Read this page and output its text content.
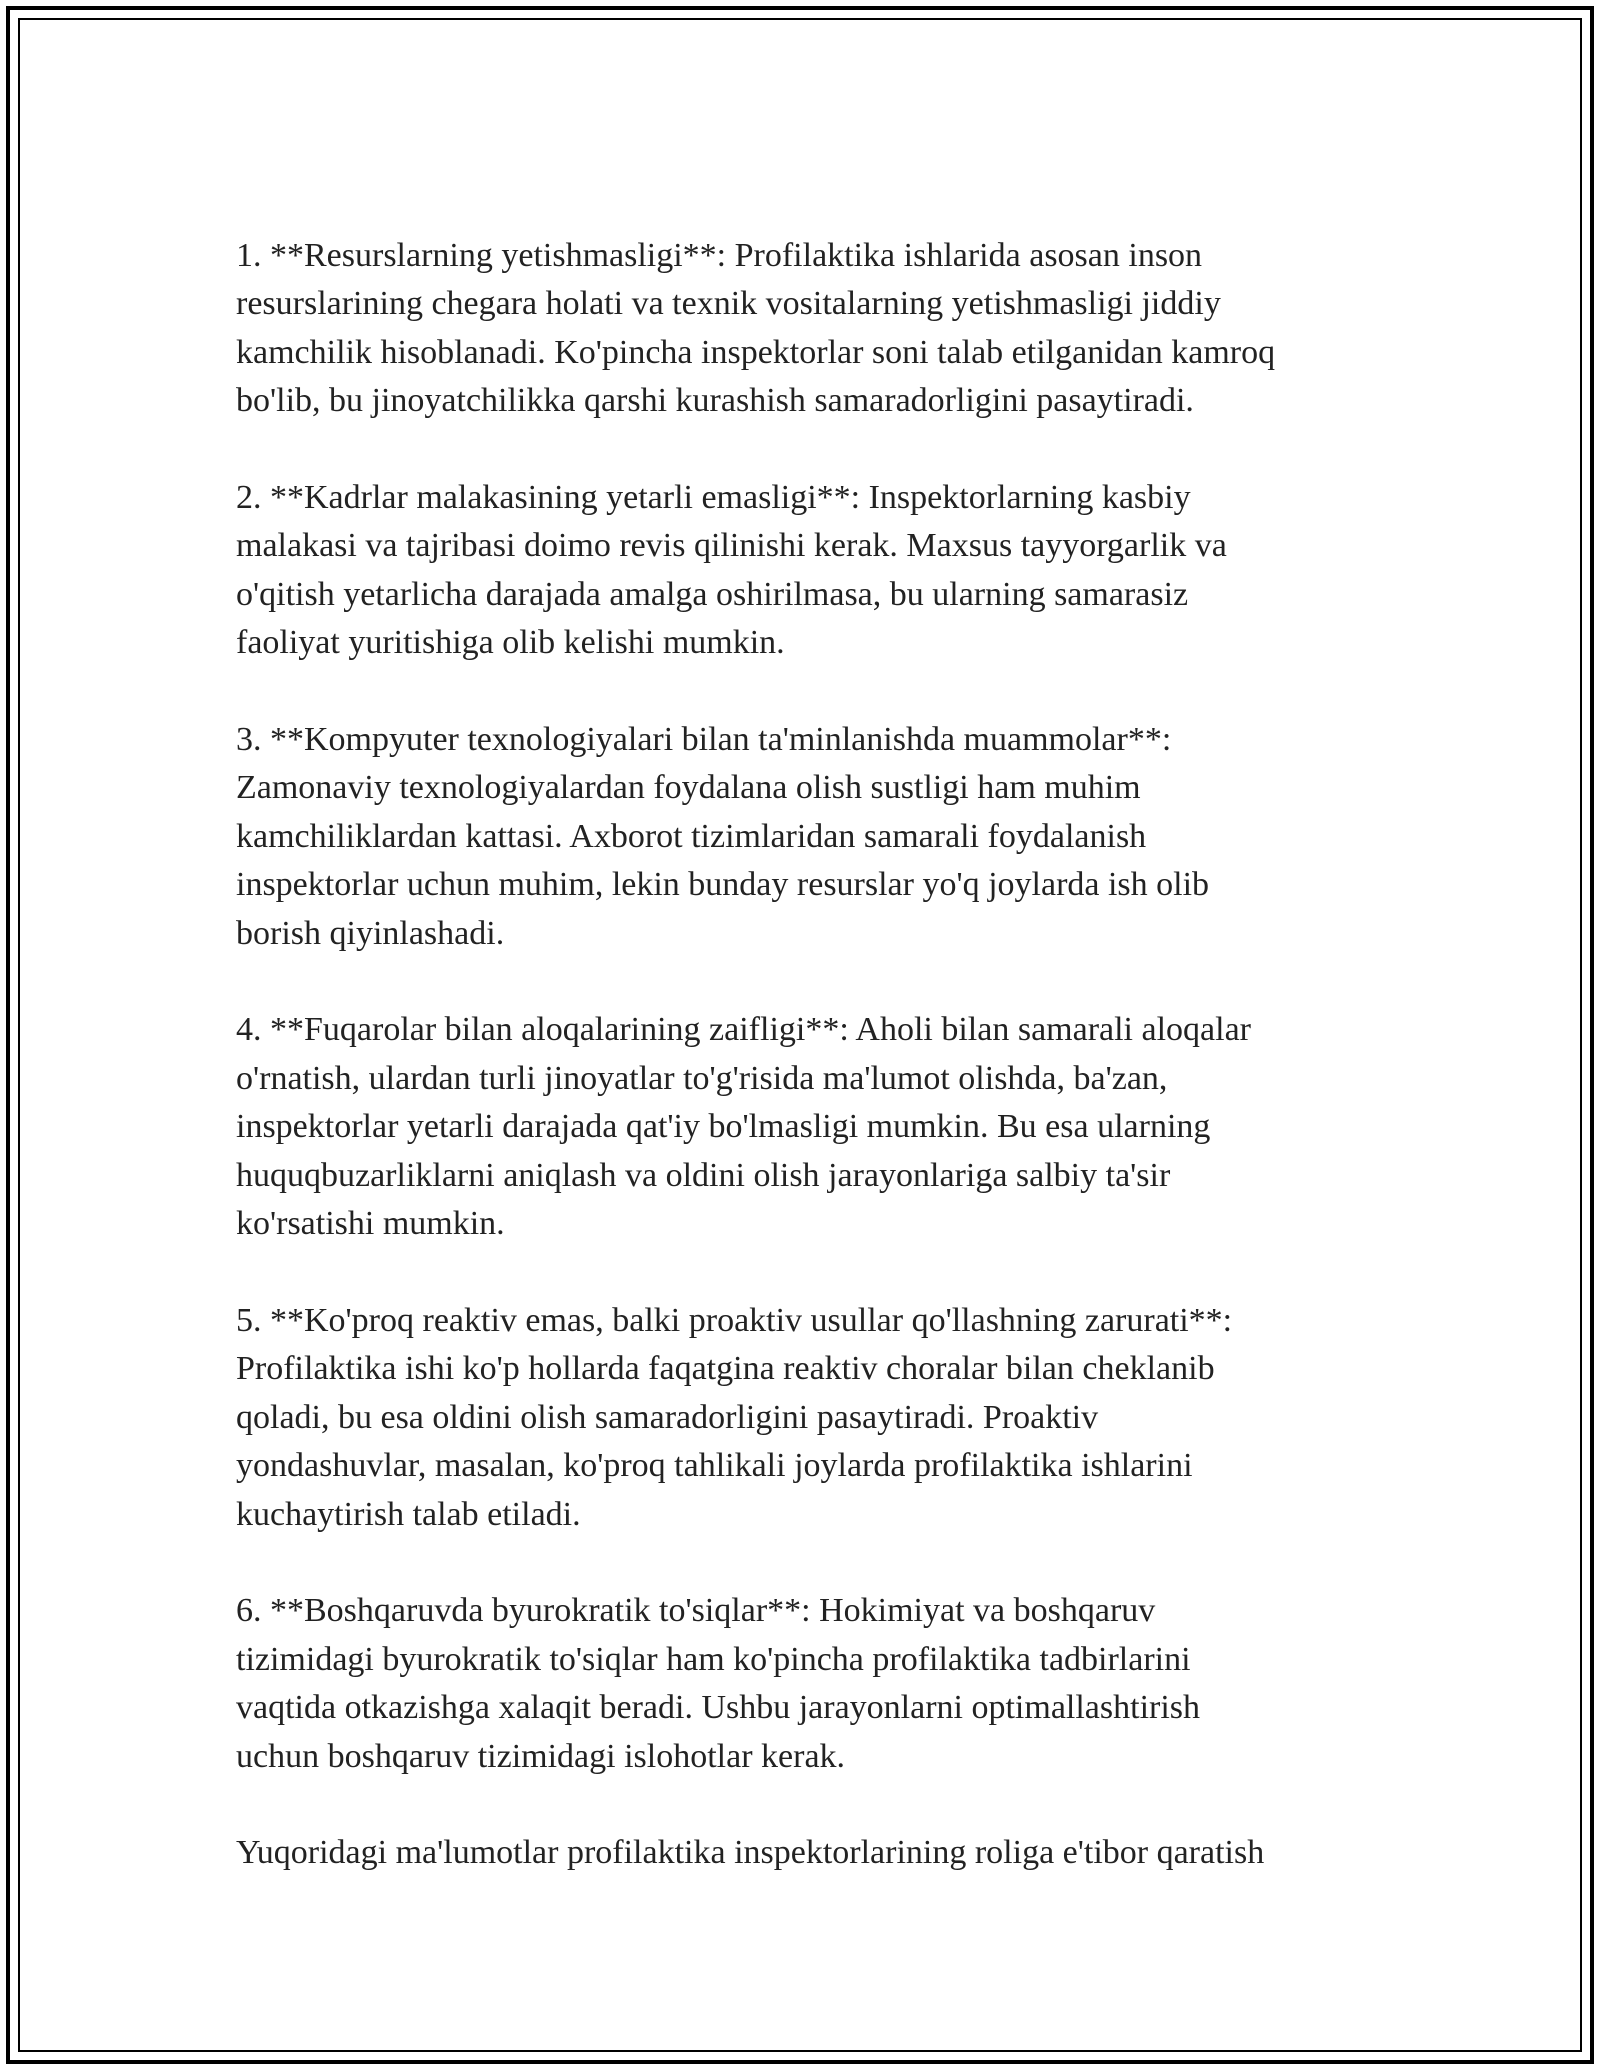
1. **Resurslarning yetishmasligi**: Profilaktika ishlarida asosan inson
resurslarining chegara holati va texnik vositalarning yetishmasligi jiddiy
kamchilik hisoblanadi. Ko'pincha inspektorlar soni talab etilganidan kamroq
bo'lib, bu jinoyatchilikka qarshi kurashish samaradorligini pasaytiradi.

2. **Kadrlar malakasining yetarli emasligi**: Inspektorlarning kasbiy
malakasi va tajribasi doimo revis qilinishi kerak. Maxsus tayyorgarlik va
o'qitish yetarlicha darajada amalga oshirilmasa, bu ularning samarasiz
faoliyat yuritishiga olib kelishi mumkin.

3. **Kompyuter texnologiyalari bilan ta'minlanishda muammolar**:
Zamonaviy texnologiyalardan foydalana olish sustligi ham muhim
kamchiliklardan kattasi. Axborot tizimlaridan samarali foydalanish
inspektorlar uchun muhim, lekin bunday resurslar yo'q joylarda ish olib
borish qiyinlashadi.

4. **Fuqarolar bilan aloqalarining zaifligi**: Aholi bilan samarali aloqalar
o'rnatish, ulardan turli jinoyatlar to'g'risida ma'lumot olishda, ba'zan,
inspektorlar yetarli darajada qat'iy bo'lmasligi mumkin. Bu esa ularning
huquqbuzarliklarni aniqlash va oldini olish jarayonlariga salbiy ta'sir
ko'rsatishi mumkin.

5. **Ko'proq reaktiv emas, balki proaktiv usullar qo'llashning zarurati**:
Profilaktika ishi ko'p hollarda faqatgina reaktiv choralar bilan cheklanib
qoladi, bu esa oldini olish samaradorligini pasaytiradi. Proaktiv
yondashuvlar, masalan, ko'proq tahlikali joylarda profilaktika ishlarini
kuchaytirish talab etiladi.

6. **Boshqaruvda byurokratik to'siqlar**: Hokimiyat va boshqaruv
tizimidagi byurokratik to'siqlar ham ko'pincha profilaktika tadbirlarini
vaqtida otkazishga xalaqit beradi. Ushbu jarayonlarni optimallashtirish
uchun boshqaruv tizimidagi islohotlar kerak.

Yuqoridagi ma'lumotlar profilaktika inspektorlarining roliga e'tibor qaratish
